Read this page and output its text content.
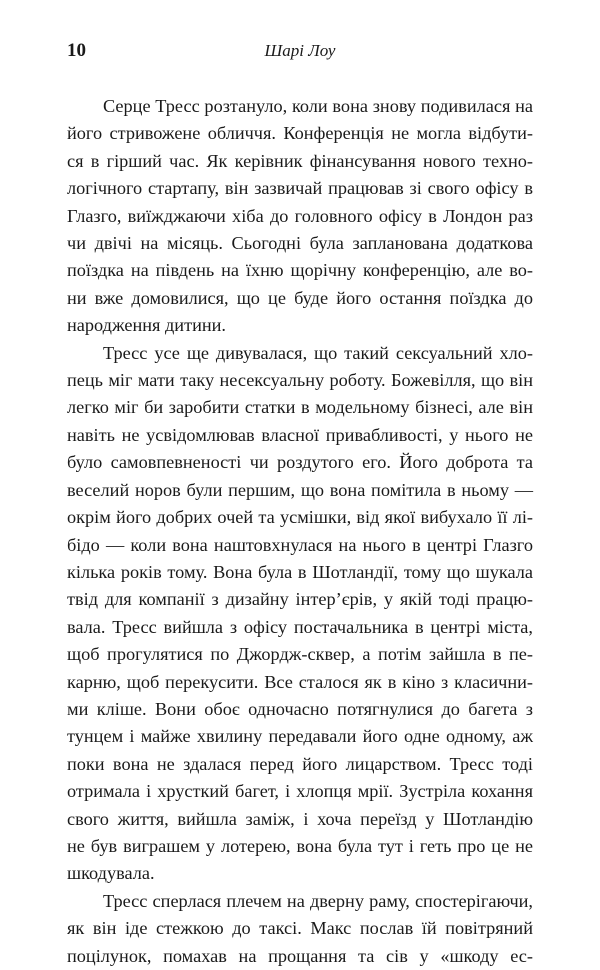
10	Шарі Лоу
Серце Тресс розтануло, коли вона знову подивилася на
його стривожене обличчя. Конференція не могла відбути-
ся в гірший час. Як керівник фінансування нового техно-
логічного стартапу, він зазвичай працював зі свого офісу в
Глазго, виїжджаючи хіба до головного офісу в Лондон раз
чи двічі на місяць. Сьогодні була запланована додаткова
поїздка на південь на їхню щорічну конференцію, але во-
ни вже домовилися, що це буде його остання поїздка до
народження дитини.
Тресс усе ще дивувалася, що такий сексуальний хло-
пець міг мати таку несексуальну роботу. Божевілля, що він
легко міг би заробити статки в модельному бізнесі, але він
навіть не усвідомлював власної привабливості, у нього не
було самовпевненості чи роздутого его. Його доброта та
веселий норов були першим, що вона помітила в ньому —
окрім його добрих очей та усмішки, від якої вибухало її лі-
бідо — коли вона наштовхнулася на нього в центрі Глазго
кілька років тому. Вона була в Шотландії, тому що шукала
твід для компанії з дизайну інтер’єрів, у якій тоді працю-
вала. Тресс вийшла з офісу постачальника в центрі міста,
щоб прогулятися по Джордж-сквер, а потім зайшла в пе-
карню, щоб перекусити. Все сталося як в кіно з класични-
ми кліше. Вони обоє одночасно потягнулися до багета з
тунцем і майже хвилину передавали його одне одному, аж
поки вона не здалася перед його лицарством. Тресс тоді
отримала і хрусткий багет, і хлопця мрії. Зустріла кохання
свого життя, вийшла заміж, і хоча переїзд у Шотландію
не був виграшем у лотерею, вона була тут і геть про це не
шкодувала.
Тресс сперлася плечем на дверну раму, спостерігаючи,
як він іде стежкою до таксі. Макс послав їй повітряний
поцілунок, помахав на прощання та сів у «шкоду ес-
